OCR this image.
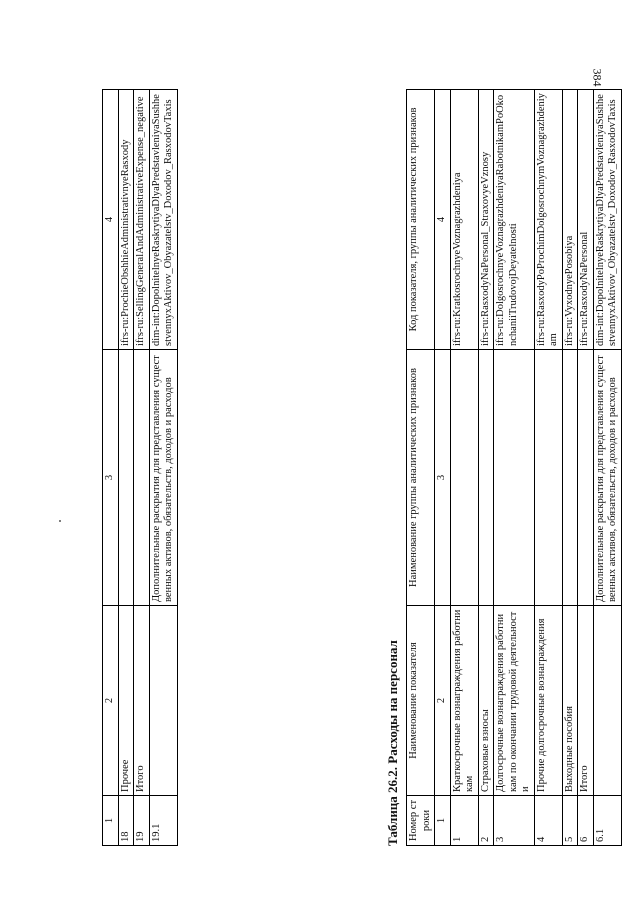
384
1	2	3	4
18	Прочее		ifrs-ru:ProchieObshhieAdministrativnyeRasxody
19	Итого		ifrs-ru:SellingGeneralAndAdministrativeExpense_negative
19.1		Дополнительные раскрытия для представления существенных активов, обязательств, доходов и расходов	dim-int:DopolnitelnyeRaskrytiyaDlyaPredstavleniyaSushhestvennyxAktivov_Obyazatelstv_Doxodov_RasxodovTaxis
Таблица 26.2. Расходы на персонал Номер строки	Наименование показателя	Наименование группы аналитических признаков	Код показателя, группы аналитических признаков
1	2	3	4
1	Краткосрочные вознаграждения работникам		ifrs-ru:KratkosrochnyeVoznagrazhdeniya
2	Страховые взносы		ifrs-ru:RasxodyNaPersonal_StraxovyeVznosy
3	Долгосрочные вознаграждения работникам по окончании трудовой деятельности		ifrs-ru:DolgosrochnyeVoznagrazhdeniyaRabotnikamPoOkonchaniiTrudovojDeyatelnosti
4	Прочие долгосрочные вознаграждения		ifrs-ru:RasxodyPoProchimDolgosrochnymVoznagrazhdeniyam
5	Выходные пособия		ifrs-ru:VyxodnyePosobiya
6	Итого		ifrs-ru:RasxodyNaPersonal
6.1		Дополнительные раскрытия для представления существенных активов, обязательств, доходов и расходов	dim-int:DopolnitelnyeRaskrytiyaDlyaPredstavleniyaSushhestvennyxAktivov_Obyazatelstv_Doxodov_RasxodovTaxis
